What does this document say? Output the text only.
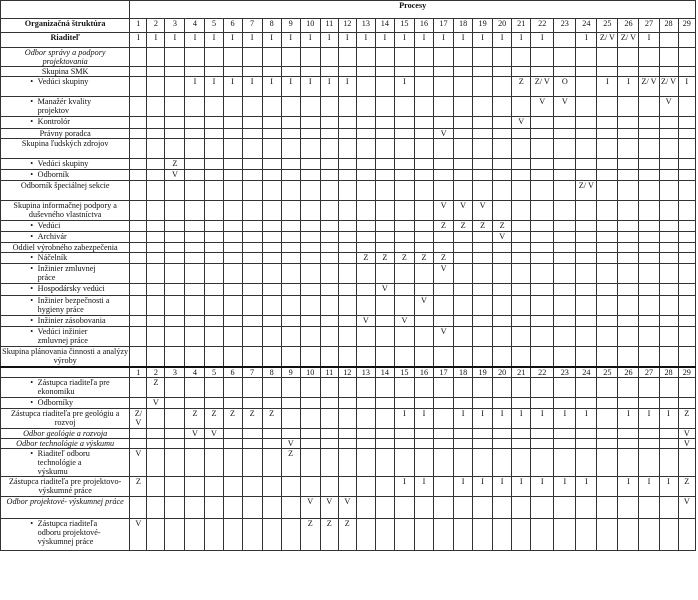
	Procesy																												
Organizačná štruktúra	1	2	3	4	5	6	7	8	9	10	11	12	13	14	15	16	17	18	19	20	21	22	23	24	25	26	27	28	29
Riaditeľ	I	I	I	I	I	I	I	I	I	I	I	I	I	I	I	I	I	I	I	I	I	I		I	Z/ V	Z/ V	I		
Odbor správy a podpory projektovania																													
Skupina SMK																													
• Vedúci skupiny				I	I	I	I	I	I	I	I	I			I						Z	Z/ V	O		I	I	Z/ V	Z/ V	I
• Manažér kvality projektov																						V	V					V	
• Kontrolór																					V								
Právny poradca																	V												
Skupina ľudských zdrojov																													
• Vedúci skupiny			Z																										
• Odborník			V																										
Odborník špeciálnej sekcie																								Z/ V					
Skupina informačnej podpory a duševného vlastníctva																	V	V	V										
• Vedúci																	Z	Z	Z	Z									
• Archivár																				V									
Oddiel výrobného zabezpečenia																													
• Náčelník													Z	Z	Z	Z	Z												
• Inžinier zmluvnej práce																	V												
• Hospodársky vedúci														V															
• Inžinier bezpečnosti a hygieny práce																V													
• Inžinier zásobovania													V		V														
• Vedúci inžinier zmluvnej práce																	V												
Skupina plánovania činnosti a analýzy výroby																													
	1	2	3	4	5	6	7	8	9	10	11	12	13	14	15	16	17	18	19	20	21	22	23	24	25	26	27	28	29
• Zástupca riaditeľa pre ekonomiku		Z																											
• Odborníky		V																											
Zástupca riaditeľa pre geológiu a rozvoj	Z/ V			Z	Z	Z	Z	Z							I	I		I	I	I	I	I	I	I		I	I	I	Z
Odbor geológie a rozvoja				V	V																								V
Odbor technológie a výskumu									V																				V
• Riaditeľ odboru technológie a výskumu	V								Z																				
Zástupca riaditeľa pre projektovo- výskumné práce	Z														I	I		I	I	I	I	I	I	I		I	I	I	Z
Odbor projektové- výskumnej práce										V	V	V																	V
• Zástupca riaditeľa odboru projektové- výskumnej práce	V									Z	Z	Z																	
